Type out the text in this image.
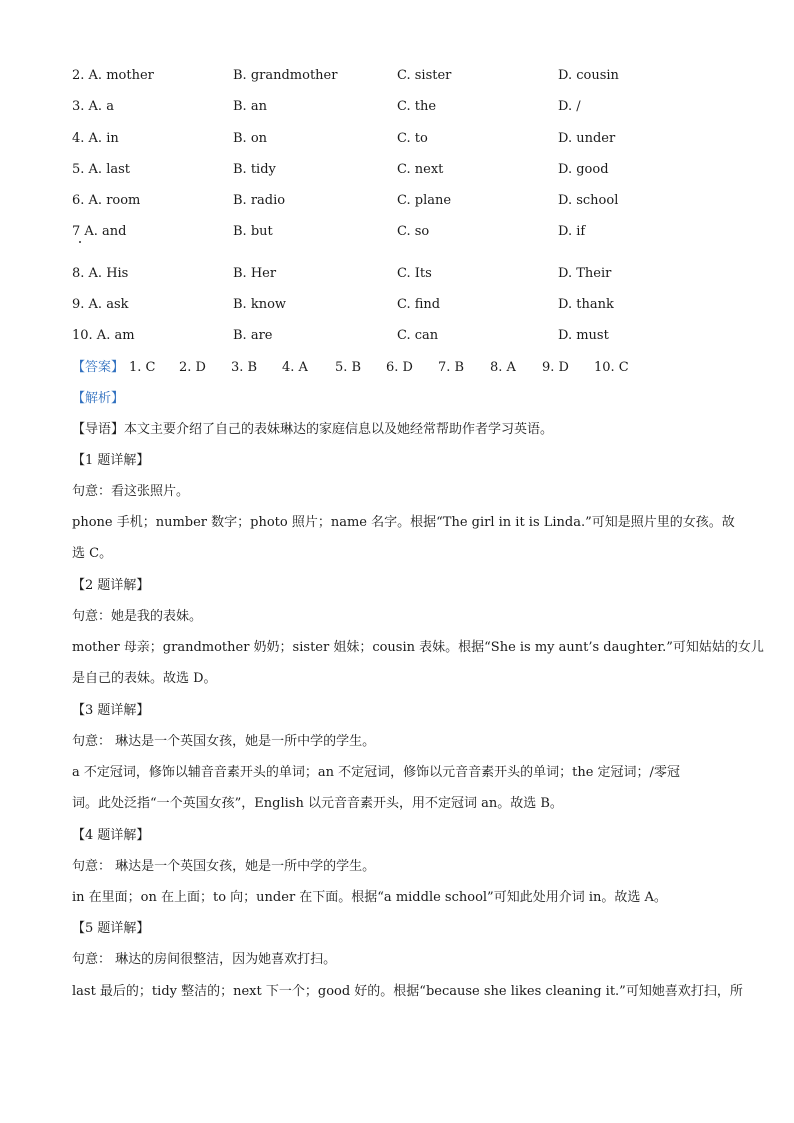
2. A. mother	B. grandmother	C. sister	D. cousin
3. A. a	B. an	C. the	D. /
4. A. in	B. on	C. to	D. under
5. A. last	B. tidy	C. next	D. good
6. A. room	B. radio	C. plane	D. school
7 A. and	B. but	C. so	D. if
8. A. His	B. Her	C. Its	D. Their
9. A. ask	B. know	C. find	D. thank
10. A. am	B. are	C. can	D. must
【答案】 1. C 2. D 3. B 4. A 5. B 6. D 7. B 8. A 9. D 10. C
【解析】
【导语】本文主要介绍了自己的表妹琳达的家庭信息以及她经常帮助作者学习英语。
【1 题详解】
句意：看这张照片。
phone 手机；number 数字；photo 照片；name 名字。根据“The girl in it is Linda.”可知是照片里的女孩。故
选 C。
【2 题详解】
句意：她是我的表妹。
mother 母亲；grandmother 奶奶；sister 姐妹；cousin 表妹。根据“She is my aunt’s daughter.”可知姑姑的女儿
是自己的表妹。故选 D。
【3 题详解】
句意： 琳达是一个英国女孩，她是一所中学的学生。
a 不定冠词，修饰以辅音音素开头的单词；an 不定冠词，修饰以元音音素开头的单词；the 定冠词；/零冠
词。此处泛指“一个英国女孩”，English 以元音音素开头，用不定冠词 an。故选 B。
【4 题详解】
句意： 琳达是一个英国女孩，她是一所中学的学生。
in 在里面；on 在上面；to 向；under 在下面。根据“a middle school”可知此处用介词 in。故选 A。
【5 题详解】
句意： 琳达的房间很整洁，因为她喜欢打扫。
last 最后的；tidy 整洁的；next 下一个；good 好的。根据“because she likes cleaning it.”可知她喜欢打扫，所
